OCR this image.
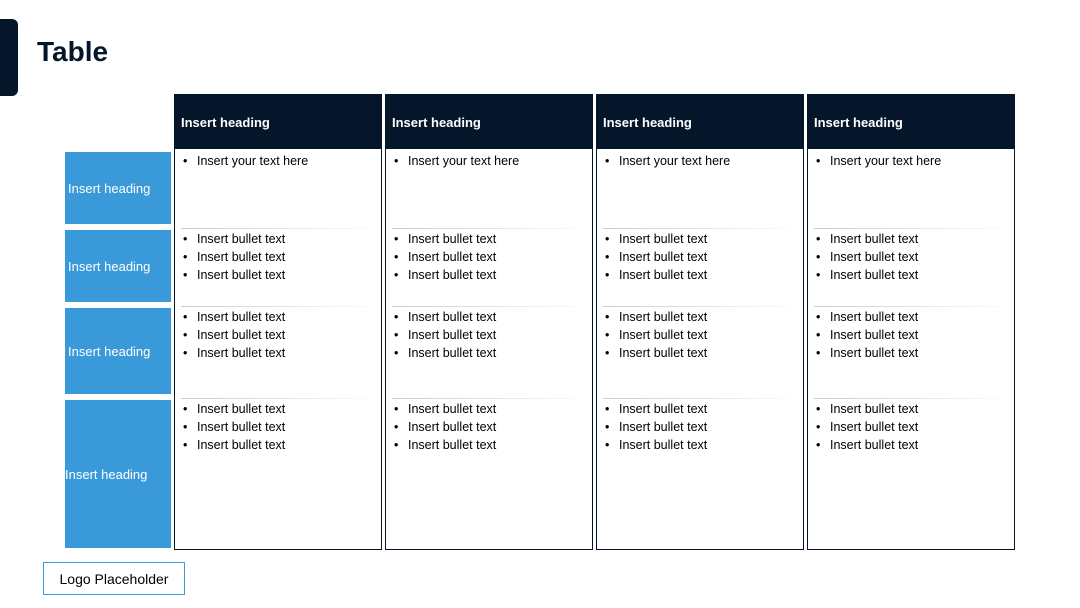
Table
Insert heading
Insert heading
Insert heading
Insert heading
Insert heading
• Insert your text here
• Insert bullet text
• Insert bullet text
• Insert bullet text
• Insert bullet text
• Insert bullet text
• Insert bullet text
• Insert bullet text
• Insert bullet text
• Insert bullet text
Insert heading
• Insert your text here
• Insert bullet text
• Insert bullet text
• Insert bullet text
• Insert bullet text
• Insert bullet text
• Insert bullet text
• Insert bullet text
• Insert bullet text
• Insert bullet text
Insert heading
• Insert your text here
• Insert bullet text
• Insert bullet text
• Insert bullet text
• Insert bullet text
• Insert bullet text
• Insert bullet text
• Insert bullet text
• Insert bullet text
• Insert bullet text
Insert heading
• Insert your text here
• Insert bullet text
• Insert bullet text
• Insert bullet text
• Insert bullet text
• Insert bullet text
• Insert bullet text
• Insert bullet text
• Insert bullet text
• Insert bullet text
Logo Placeholder
